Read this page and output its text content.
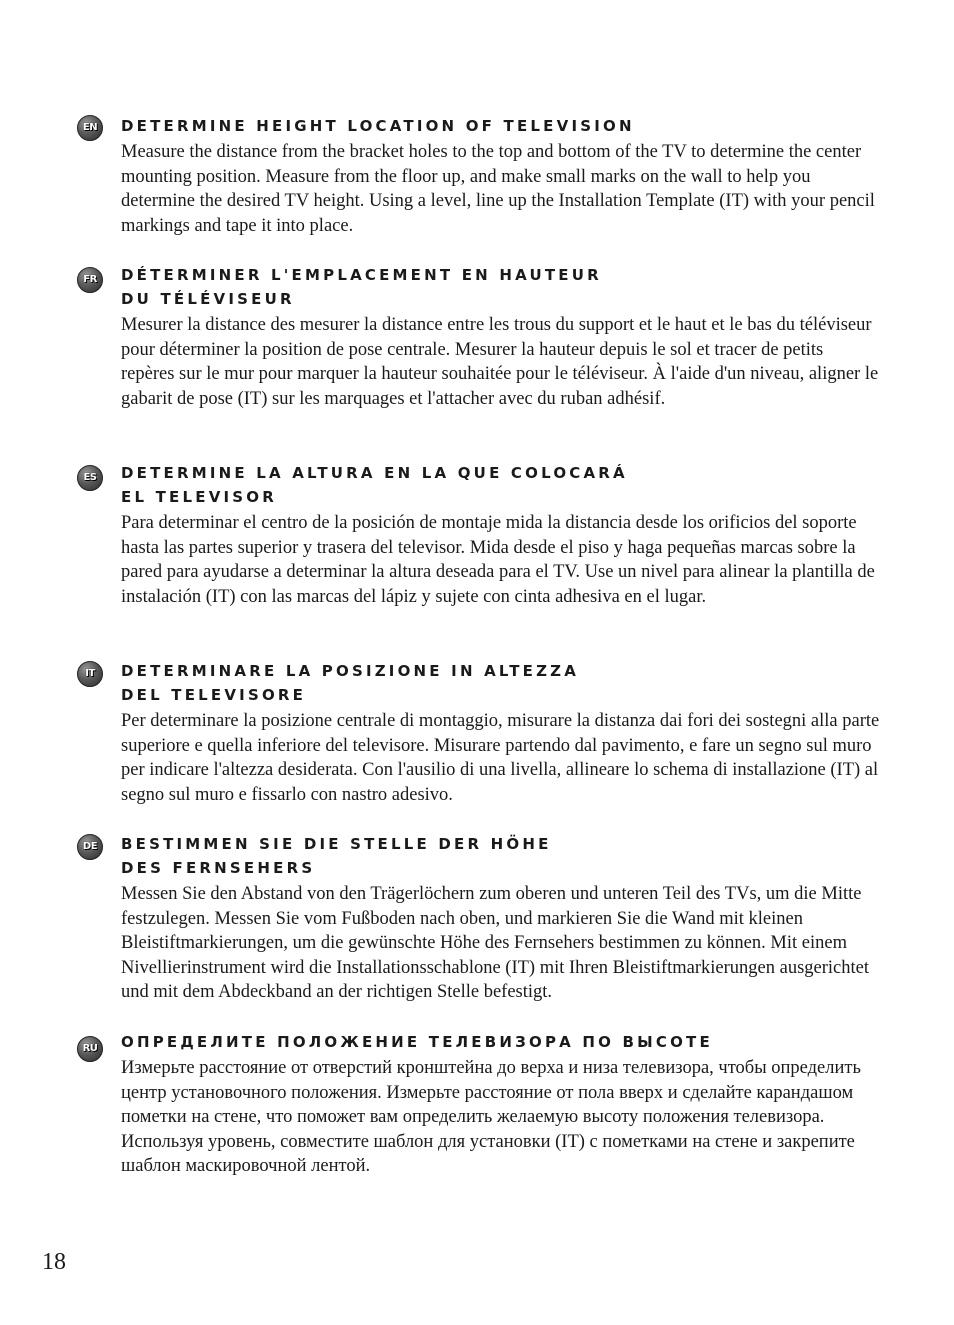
EN	DETERMINE HEIGHT LOCATION OF TELEVISION

Measure the distance from the bracket holes to the top and bottom of the TV to determine the center mounting position. Measure from the floor up, and make small marks on the wall to help you determine the desired TV height. Using a level, line up the Installation Template (IT) with your pencil markings and tape it into place.

FR	DÉTERMINER L'EMPLACEMENT EN HAUTEUR
DU TÉLÉVISEUR

Mesurer la distance des mesurer la distance entre les trous du support et le haut et le bas du téléviseur pour déterminer la position de pose centrale. Mesurer la hauteur depuis le sol et tracer de petits repères sur le mur pour marquer la hauteur souhaitée pour le téléviseur. À l'aide d'un niveau, aligner le gabarit de pose (IT) sur les marquages et l'attacher avec du ruban adhésif.

ES	DETERMINE LA ALTURA EN LA QUE COLOCARÁ
EL TELEVISOR

Para determinar el centro de la posición de montaje mida la distancia desde los orificios del soporte hasta las partes superior y trasera del televisor. Mida desde el piso y haga pequeñas marcas sobre la pared para ayudarse a determinar la altura deseada para el TV. Use un nivel para alinear la plantilla de instalación (IT) con las marcas del lápiz y sujete con cinta adhesiva en el lugar.

IT	DETERMINARE LA POSIZIONE IN ALTEZZA
DEL TELEVISORE

Per determinare la posizione centrale di montaggio, misurare la distanza dai fori dei sostegni alla parte superiore e quella inferiore del televisore. Misurare partendo dal pavimento, e fare un segno sul muro per indicare l'altezza desiderata. Con l'ausilio di una livella, allineare lo schema di installazione (IT) al segno sul muro e fissarlo con nastro adesivo.

DE	BESTIMMEN SIE DIE STELLE DER HÖHE
DES FERNSEHERS

Messen Sie den Abstand von den Trägerlöchern zum oberen und unteren Teil des TVs, um die Mitte festzulegen. Messen Sie vom Fußboden nach oben, und markieren Sie die Wand mit kleinen Bleistiftmarkierungen, um die gewünschte Höhe des Fernsehers bestimmen zu können. Mit einem Nivellierinstrument wird die Installationsschablone (IT) mit Ihren Bleistiftmarkierungen ausgerichtet und mit dem Abdeckband an der richtigen Stelle befestigt.

RU	ОПРЕДЕЛИТЕ ПОЛОЖЕНИЕ ТЕЛЕВИЗОРА ПО ВЫСОТЕ

Измерьте расстояние от отверстий кронштейна до верха и низа телевизора, чтобы определить центр установочного положения. Измерьте расстояние от пола вверх и сделайте карандашом пометки на стене, что поможет вам определить желаемую высоту положения телевизора. Используя уровень, совместите шаблон для установки (IT) с пометками на стене и закрепите шаблон маскировочной лентой.

18
